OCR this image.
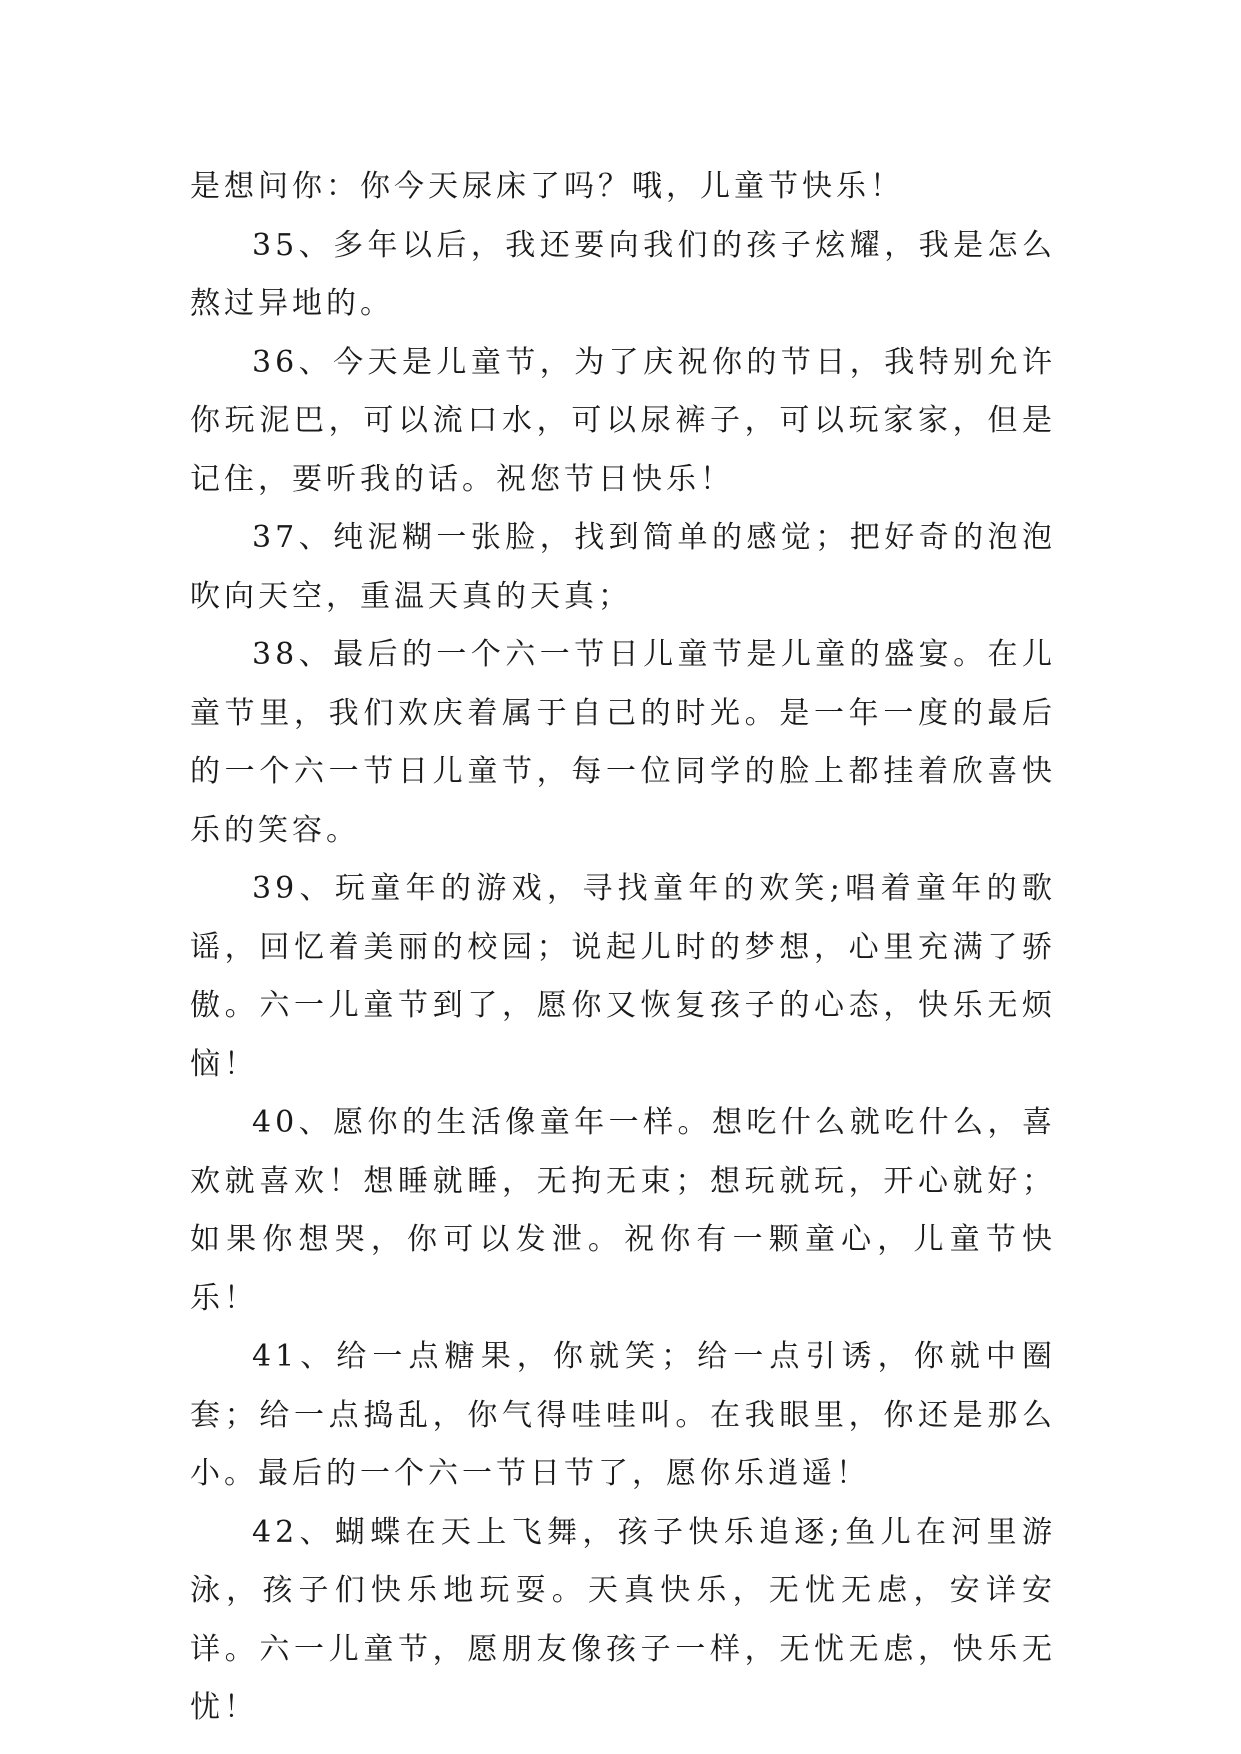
是想问你：你今天尿床了吗？哦，儿童节快乐！

35、多年以后，我还要向我们的孩子炫耀，我是怎么熬过异地的。

36、今天是儿童节，为了庆祝你的节日，我特别允许你玩泥巴，可以流口水，可以尿裤子，可以玩家家，但是记住，要听我的话。祝您节日快乐！

37、纯泥糊一张脸，找到简单的感觉；把好奇的泡泡吹向天空，重温天真的天真；

38、最后的一个六一节日儿童节是儿童的盛宴。在儿童节里，我们欢庆着属于自己的时光。是一年一度的最后的一个六一节日儿童节，每一位同学的脸上都挂着欣喜快乐的笑容。

39、玩童年的游戏，寻找童年的欢笑;唱着童年的歌谣，回忆着美丽的校园；说起儿时的梦想，心里充满了骄傲。六一儿童节到了，愿你又恢复孩子的心态，快乐无烦恼！

40、愿你的生活像童年一样。想吃什么就吃什么，喜欢就喜欢！想睡就睡，无拘无束；想玩就玩，开心就好；如果你想哭，你可以发泄。祝你有一颗童心，儿童节快乐！

41、给一点糖果，你就笑；给一点引诱，你就中圈套；给一点捣乱，你气得哇哇叫。在我眼里，你还是那么小。最后的一个六一节日节了，愿你乐逍遥！

42、蝴蝶在天上飞舞，孩子快乐追逐;鱼儿在河里游泳，孩子们快乐地玩耍。天真快乐，无忧无虑，安详安详。六一儿童节，愿朋友像孩子一样，无忧无虑，快乐无忧！
